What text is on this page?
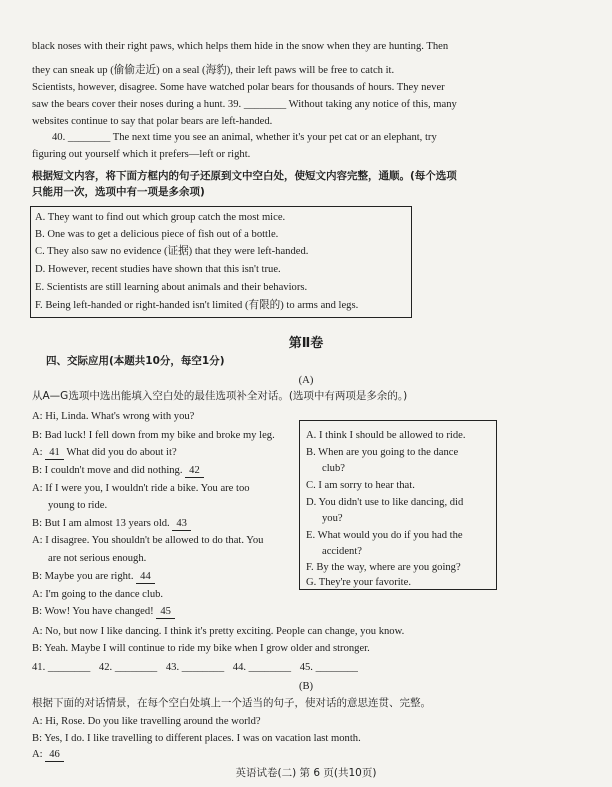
black noses with their right paws, which helps them hide in the snow when they are hunting. Then
they can sneak up (偷偷走近) on a seal (海豹), their left paws will be free to catch it.
Scientists, however, disagree. Some have watched polar bears for thousands of hours. They never
saw the bears cover their noses during a hunt. 39. ________ Without taking any notice of this, many
websites continue to say that polar bears are left-handed.
40. ________ The next time you see an animal, whether it's your pet cat or an elephant, try
figuring out yourself which it prefers—left or right.
根据短文内容，将下面方框内的句子还原到文中空白处，使短文内容完整，通顺。(每个选项
只能用一次，选项中有一项是多余项)
A. They want to find out which group catch the most mice.
B. One was to get a delicious piece of fish out of a bottle.
C. They also saw no evidence (证据) that they were left-handed.
D. However, recent studies have shown that this isn't true.
E. Scientists are still learning about animals and their behaviors.
F. Being left-handed or right-handed isn't limited (有限的) to arms and legs.
第Ⅱ卷
四、交际应用(本题共10分，每空1分)
(A)
从A—G选项中选出能填入空白处的最佳选项补全对话。(选项中有两项是多余的。)
A: Hi, Linda. What's wrong with you?
B: Bad luck! I fell down from my bike and broke my leg.
A: 41 What did you do about it?
B: I couldn't move and did nothing. 42
A: If I were you, I wouldn't ride a bike. You are too
young to ride.
B: But I am almost 13 years old. 43
A: I disagree. You shouldn't be allowed to do that. You
are not serious enough.
B: Maybe you are right. 44
A: I'm going to the dance club.
B: Wow! You have changed! 45
A: No, but now I like dancing. I think it's pretty exciting. People can change, you know.
B: Yeah. Maybe I will continue to ride my bike when I grow older and stronger.
A. I think I should be allowed to ride.
B. When are you going to the dance
club?
C. I am sorry to hear that.
D. You didn't use to like dancing, did
you?
E. What would you do if you had the
accident?
F. By the way, where are you going?
G. They're your favorite.
41. ________ 42. ________ 43. ________ 44. ________ 45. ________
(B)
根据下面的对话情景，在每个空白处填上一个适当的句子，使对话的意思连贯、完整。
A: Hi, Rose. Do you like travelling around the world?
B: Yes, I do. I like travelling to different places. I was on vacation last month.
A: 46
英语试卷(二) 第 6 页(共10页)
